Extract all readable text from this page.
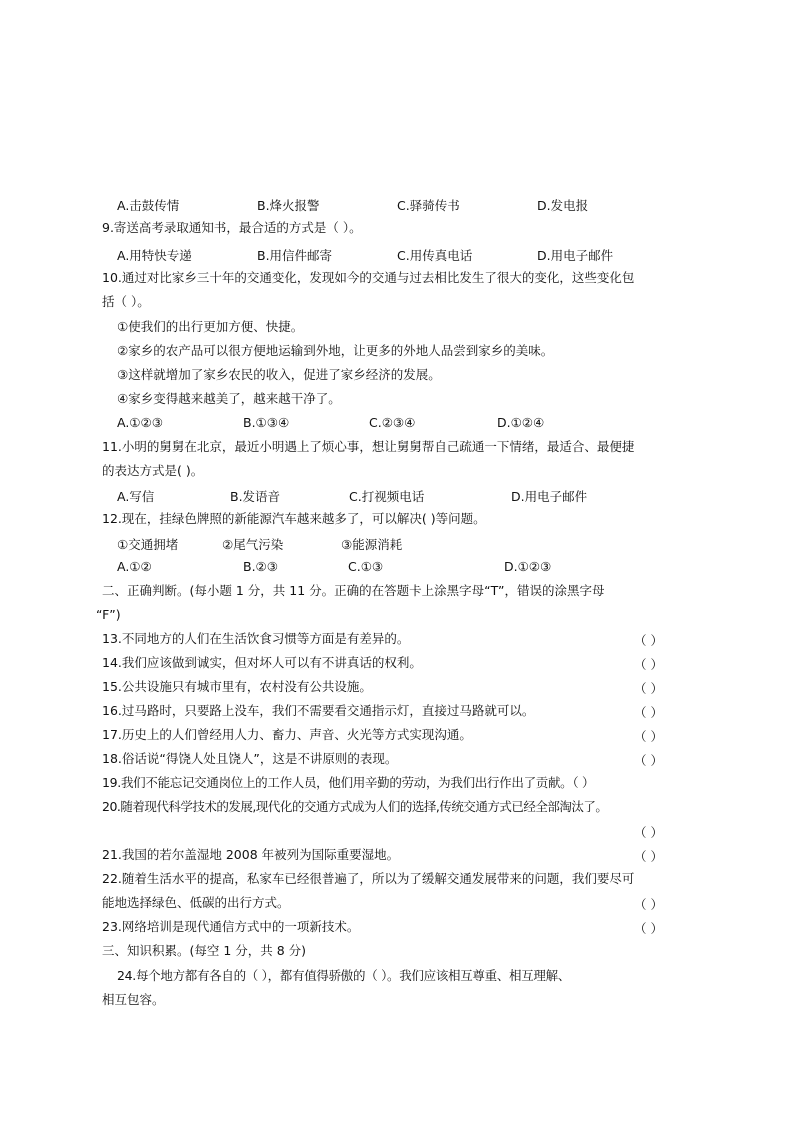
A.击鼓传情	B.烽火报警	C.驿骑传书	D.发电报
9.寄送高考录取通知书，最合适的方式是（ ）。
A.用特快专递	B.用信件邮寄	C.用传真电话	D.用电子邮件
10.通过对比家乡三十年的交通变化，发现如今的交通与过去相比发生了很大的变化，这些变化包
括（ ）。
①使我们的出行更加方便、快捷。
②家乡的农产品可以很方便地运输到外地，让更多的外地人品尝到家乡的美味。
③这样就增加了家乡农民的收入，促进了家乡经济的发展。
④家乡变得越来越美了，越来越干净了。
A.①②③	B.①③④	C.②③④	D.①②④
11.小明的舅舅在北京，最近小明遇上了烦心事，想让舅舅帮自己疏通一下情绪，最适合、最便捷
的表达方式是( )。
A.写信	B.发语音	C.打视频电话	D.用电子邮件
12.现在，挂绿色牌照的新能源汽车越来越多了，可以解决( )等问题。
①交通拥堵	②尾气污染	③能源消耗
A.①②	B.②③	C.①③	D.①②③
二、正确判断。(每小题 1 分，共 11 分。正确的在答题卡上涂黑字母“T”，错误的涂黑字母
“F”)
13.不同地方的人们在生活饮食习惯等方面是有差异的。	（ ）
14.我们应该做到诚实，但对坏人可以有不讲真话的权利。	（ ）
15.公共设施只有城市里有，农村没有公共设施。	（ ）
16.过马路时，只要路上没车，我们不需要看交通指示灯，直接过马路就可以。	（ ）
17.历史上的人们曾经用人力、畜力、声音、火光等方式实现沟通。	（ ）
18.俗话说“得饶人处且饶人”，这是不讲原则的表现。	（ ）
19.我们不能忘记交通岗位上的工作人员，他们用辛勤的劳动，为我们出行作出了贡献。（ ）
20.随着现代科学技术的发展,现代化的交通方式成为人们的选择,传统交通方式已经全部淘汰了。
（ ）
21.我国的若尔盖湿地 2008 年被列为国际重要湿地。	（ ）
22.随着生活水平的提高，私家车已经很普遍了，所以为了缓解交通发展带来的问题，我们要尽可
能地选择绿色、低碳的出行方式。	（ ）
23.网络培训是现代通信方式中的一项新技术。	（ ）
三、知识积累。(每空 1 分，共 8 分)
24.每个地方都有各自的（ ），都有值得骄傲的（ ）。我们应该相互尊重、相互理解、
相互包容。
